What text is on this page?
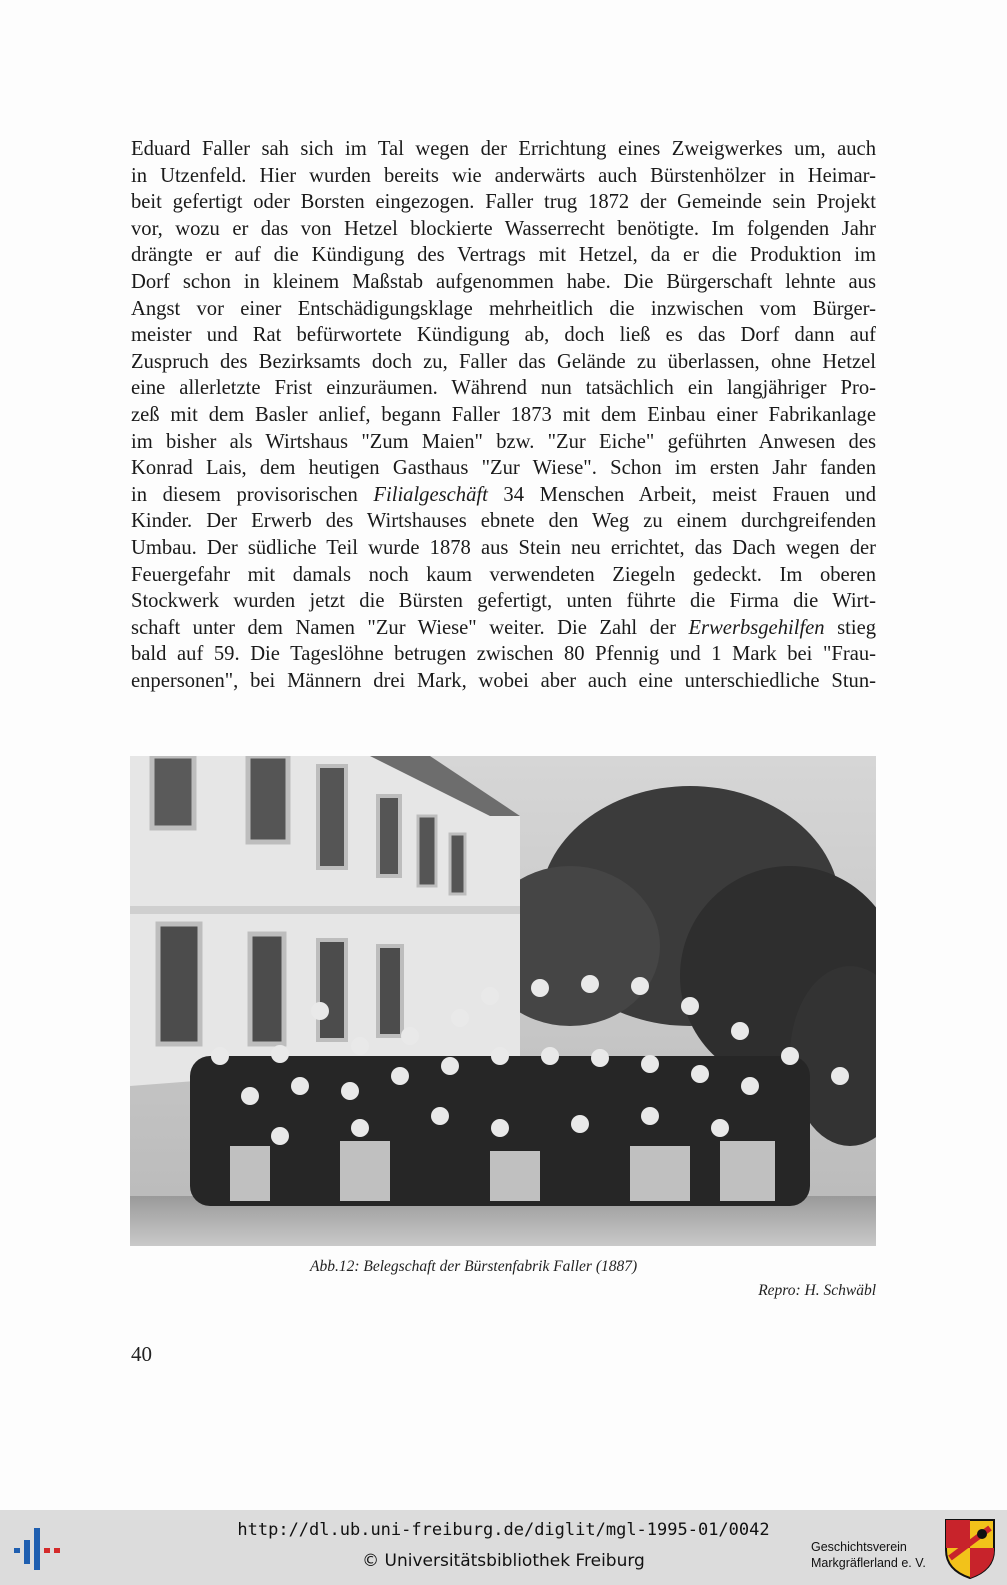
Eduard Faller sah sich im Tal wegen der Errichtung eines Zweigwerkes um, auch
in Utzenfeld. Hier wurden bereits wie anderwärts auch Bürstenhölzer in Heimar-
beit gefertigt oder Borsten eingezogen. Faller trug 1872 der Gemeinde sein Projekt
vor, wozu er das von Hetzel blockierte Wasserrecht benötigte. Im folgenden Jahr
drängte er auf die Kündigung des Vertrags mit Hetzel, da er die Produktion im
Dorf schon in kleinem Maßstab aufgenommen habe. Die Bürgerschaft lehnte aus
Angst vor einer Entschädigungsklage mehrheitlich die inzwischen vom Bürger-
meister und Rat befürwortete Kündigung ab, doch ließ es das Dorf dann auf
Zuspruch des Bezirksamts doch zu, Faller das Gelände zu überlassen, ohne Hetzel
eine allerletzte Frist einzuräumen. Während nun tatsächlich ein langjähriger Pro-
zeß mit dem Basler anlief, begann Faller 1873 mit dem Einbau einer Fabrikanlage
im bisher als Wirtshaus "Zum Maien" bzw. "Zur Eiche" geführten Anwesen des
Konrad Lais, dem heutigen Gasthaus "Zur Wiese". Schon im ersten Jahr fanden
in diesem provisorischen Filialgeschäft 34 Menschen Arbeit, meist Frauen und
Kinder. Der Erwerb des Wirtshauses ebnete den Weg zu einem durchgreifenden
Umbau. Der südliche Teil wurde 1878 aus Stein neu errichtet, das Dach wegen der
Feuergefahr mit damals noch kaum verwendeten Ziegeln gedeckt. Im oberen
Stockwerk wurden jetzt die Bürsten gefertigt, unten führte die Firma die Wirt-
schaft unter dem Namen "Zur Wiese" weiter. Die Zahl der Erwerbsgehilfen stieg
bald auf 59. Die Tageslöhne betrugen zwischen 80 Pfennig und 1 Mark bei "Frau-
enpersonen", bei Männern drei Mark, wobei aber auch eine unterschiedliche Stun-
Abb.12: Belegschaft der Bürstenfabrik Faller (1887)
Repro: H. Schwäbl
40
http://dl.ub.uni-freiburg.de/diglit/mgl-1995-01/0042
© Universitätsbibliothek Freiburg
Geschichtsverein
Markgräflerland e. V.
